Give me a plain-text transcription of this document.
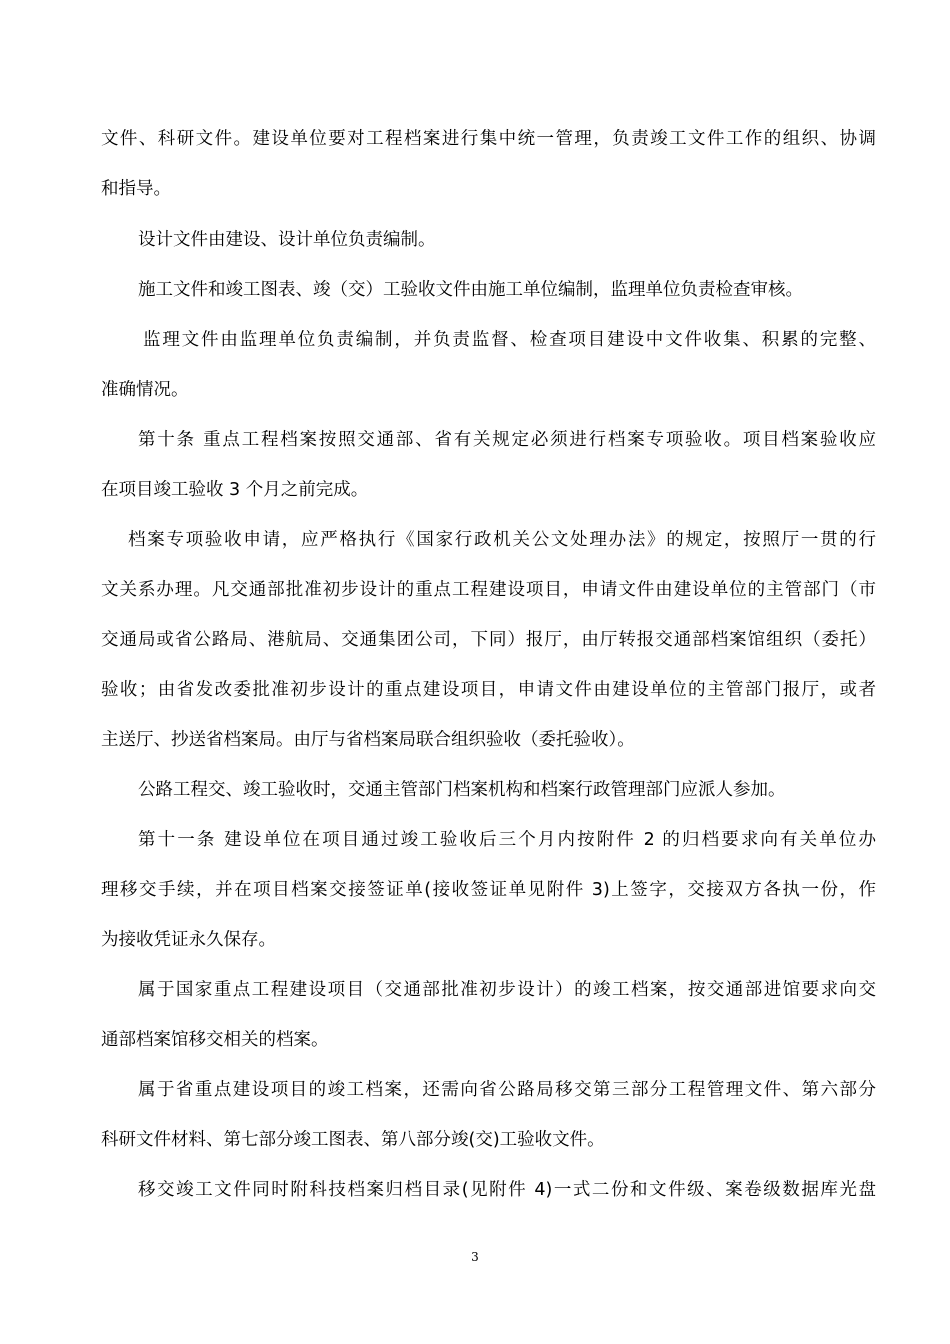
文件、科研文件。建设单位要对工程档案进行集中统一管理，负责竣工文件工作的组织、协调
和指导。
设计文件由建设、设计单位负责编制。
施工文件和竣工图表、竣（交）工验收文件由施工单位编制，监理单位负责检查审核。
监理文件由监理单位负责编制，并负责监督、检查项目建设中文件收集、积累的完整、
准确情况。
第十条 重点工程档案按照交通部、省有关规定必须进行档案专项验收。项目档案验收应
在项目竣工验收 3 个月之前完成。
档案专项验收申请，应严格执行《国家行政机关公文处理办法》的规定，按照厅一贯的行
文关系办理。凡交通部批准初步设计的重点工程建设项目，申请文件由建设单位的主管部门（市
交通局或省公路局、港航局、交通集团公司，下同）报厅，由厅转报交通部档案馆组织（委托）
验收；由省发改委批准初步设计的重点建设项目，申请文件由建设单位的主管部门报厅，或者
主送厅、抄送省档案局。由厅与省档案局联合组织验收（委托验收）。
公路工程交、竣工验收时，交通主管部门档案机构和档案行政管理部门应派人参加。
第十一条 建设单位在项目通过竣工验收后三个月内按附件 2 的归档要求向有关单位办
理移交手续，并在项目档案交接签证单(接收签证单见附件 3)上签字，交接双方各执一份，作
为接收凭证永久保存。
属于国家重点工程建设项目（交通部批准初步设计）的竣工档案，按交通部进馆要求向交
通部档案馆移交相关的档案。
属于省重点建设项目的竣工档案，还需向省公路局移交第三部分工程管理文件、第六部分
科研文件材料、第七部分竣工图表、第八部分竣(交)工验收文件。
移交竣工文件同时附科技档案归档目录(见附件 4)一式二份和文件级、案卷级数据库光盘
3
